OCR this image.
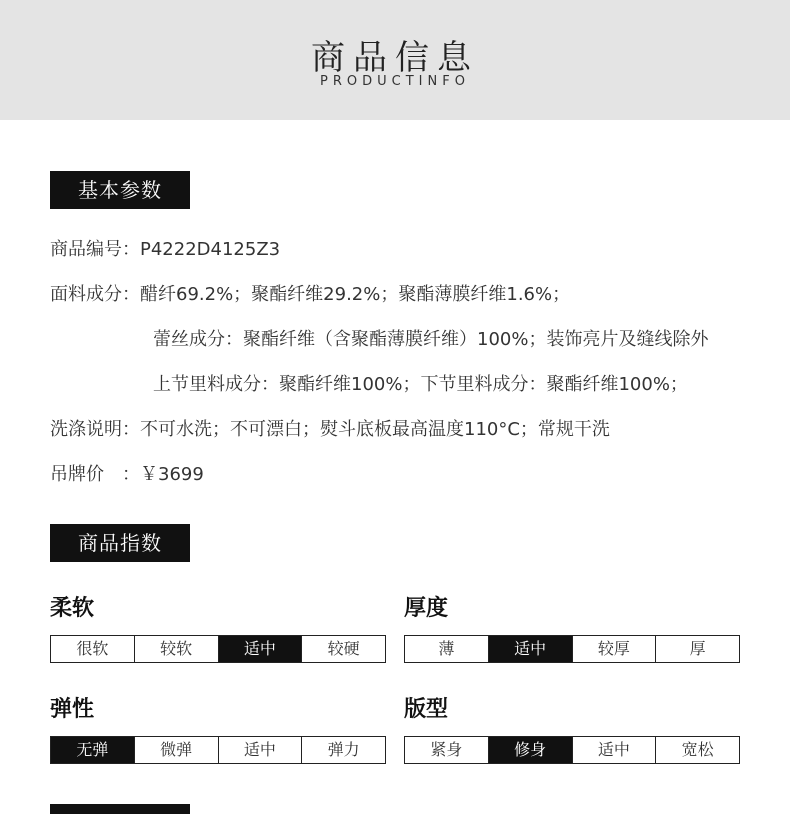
商品信息
PRODUCTINFO
基本参数
商品编号：P4222D4125Z3
面料成分：醋纤69.2%；聚酯纤维29.2%；聚酯薄膜纤维1.6%；
蕾丝成分：聚酯纤维（含聚酯薄膜纤维）100%；装饰亮片及缝线除外
上节里料成分：聚酯纤维100%；下节里料成分：聚酯纤维100%；
洗涤说明：不可水洗；不可漂白；熨斗底板最高温度110°C；常规干洗
吊牌价　：￥3699
商品指数
柔软
很软	较软	适中	较硬
厚度
薄	适中	较厚	厚
弹性
无弹	微弹	适中	弹力
版型
紧身	修身	适中	宽松
